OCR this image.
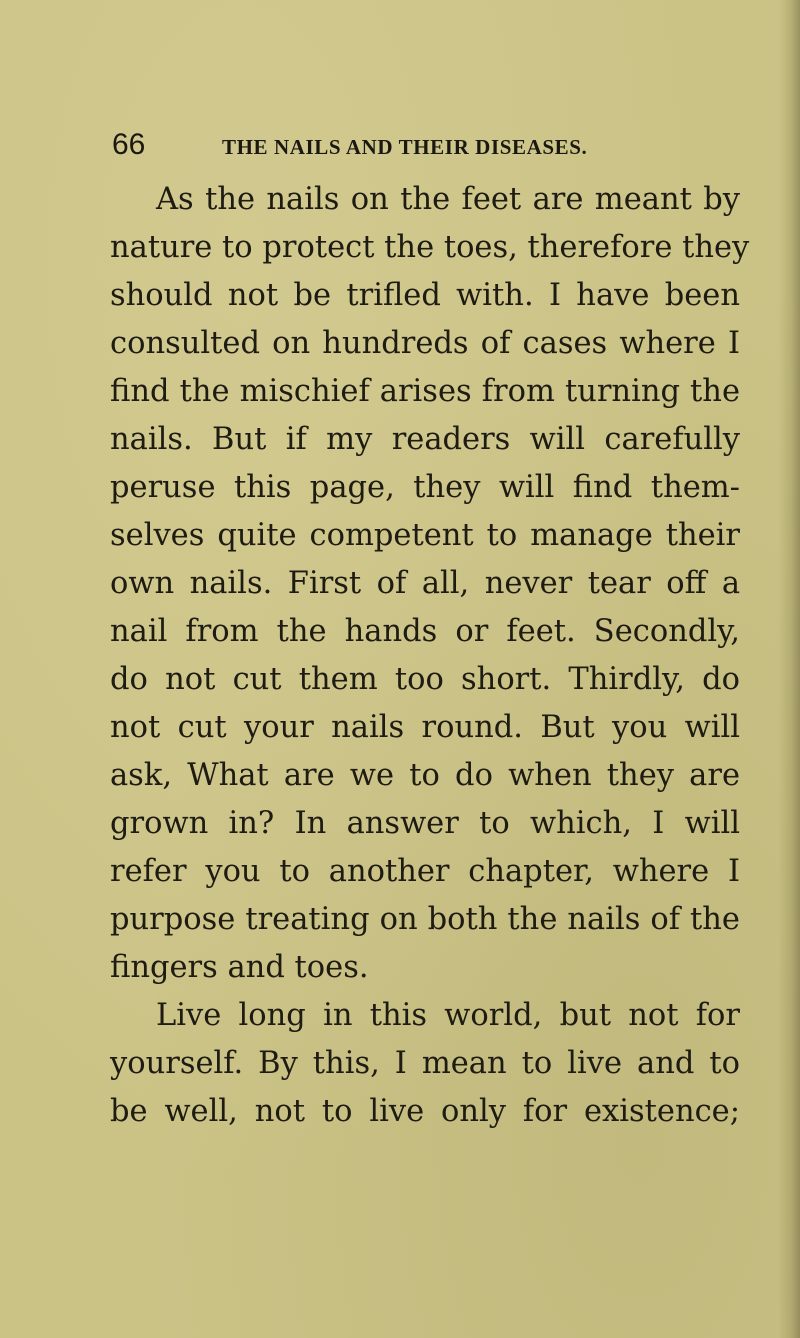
66	THE NAILS AND THEIR DISEASES.
As the nails on the feet are meant by
nature to protect the toes, therefore they
should not be trifled with. I have been
consulted on hundreds of cases where I
find the mischief arises from turning the
nails. But if my readers will carefully
peruse this page, they will find them-
selves quite competent to manage their
own nails. First of all, never tear off a
nail from the hands or feet. Secondly,
do not cut them too short. Thirdly, do
not cut your nails round. But you will
ask, What are we to do when they are
grown in? In answer to which, I will
refer you to another chapter, where I
purpose treating on both the nails of the
fingers and toes.
Live long in this world, but not for
yourself. By this, I mean to live and to
be well, not to live only for existence;
